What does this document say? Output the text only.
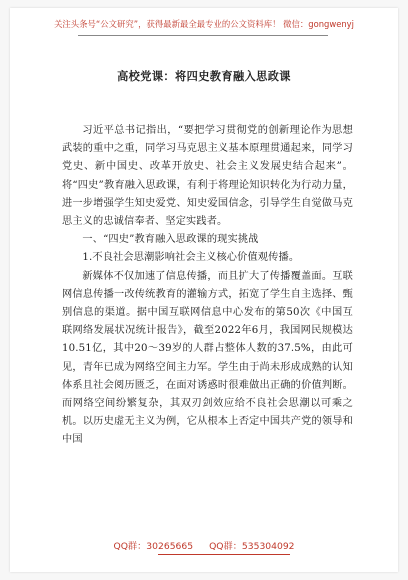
关注头条号“公文研究”，获得最新最全最专业的公文资料库！ 微信：gongwenyj
高校党课：将四史教育融入思政课

习近平总书记指出，“要把学习贯彻党的创新理论作为思想武装的重中之重，同学习马克思主义基本原理贯通起来，同学习党史、新中国史、改革开放史、社会主义发展史结合起来”。将“四史”教育融入思政课，有利于将理论知识转化为行动力量，进一步增强学生知史爱党、知史爱国信念，引导学生自觉做马克思主义的忠诚信奉者、坚定实践者。

一、“四史”教育融入思政课的现实挑战

1.不良社会思潮影响社会主义核心价值观传播。

新媒体不仅加速了信息传播，而且扩大了传播覆盖面。互联网信息传播一改传统教育的灌输方式，拓宽了学生自主选择、甄别信息的渠道。据中国互联网信息中心发布的第50次《中国互联网络发展状况统计报告》，截至2022年6月，我国网民规模达10.51亿，其中20～39岁的人群占整体人数的37.5%，由此可见，青年已成为网络空间主力军。学生由于尚未形成成熟的认知体系且社会阅历匮乏，在面对诱惑时很难做出正确的价值判断。而网络空间纷繁复杂，其双刃剑效应给不良社会思潮以可乘之机。以历史虚无主义为例，它从根本上否定中国共产党的领导和中国

QQ群：30265665 QQ群：535304092
